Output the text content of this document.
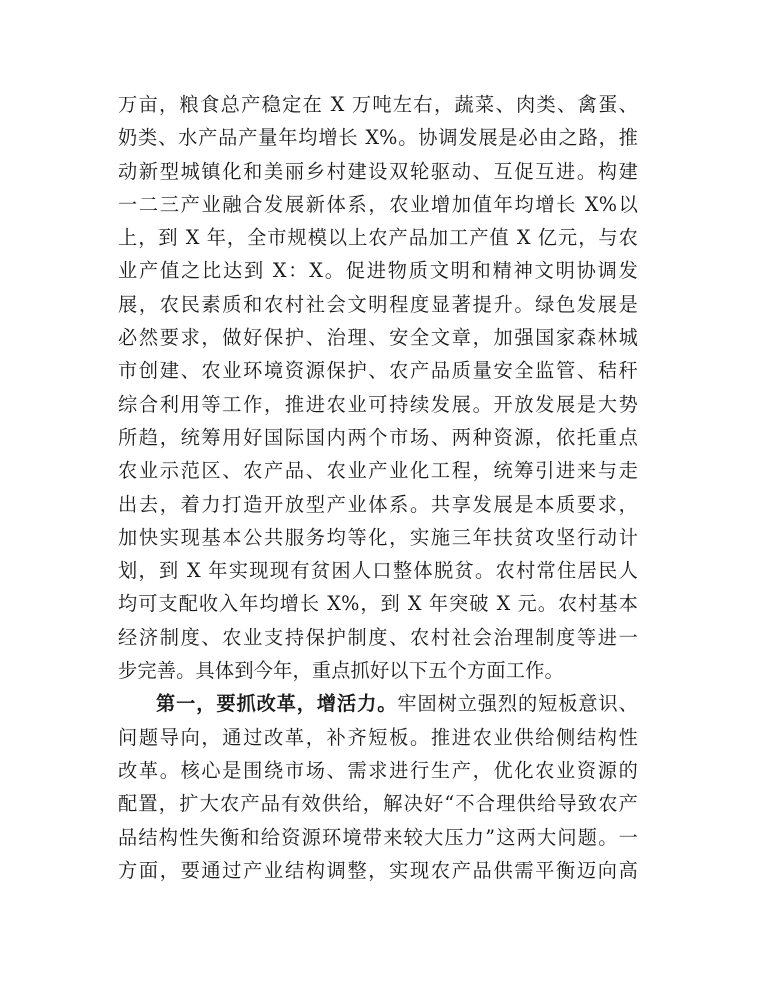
万亩，粮食总产稳定在 X 万吨左右，蔬菜、肉类、禽蛋、
奶类、水产品产量年均增长 X%。协调发展是必由之路，推
动新型城镇化和美丽乡村建设双轮驱动、互促互进。构建
一二三产业融合发展新体系，农业增加值年均增长 X%以
上，到 X 年，全市规模以上农产品加工产值 X 亿元，与农
业产值之比达到 X：X。促进物质文明和精神文明协调发
展，农民素质和农村社会文明程度显著提升。绿色发展是
必然要求，做好保护、治理、安全文章，加强国家森林城
市创建、农业环境资源保护、农产品质量安全监管、秸秆
综合利用等工作，推进农业可持续发展。开放发展是大势
所趋，统筹用好国际国内两个市场、两种资源，依托重点
农业示范区、农产品、农业产业化工程，统筹引进来与走
出去，着力打造开放型产业体系。共享发展是本质要求，
加快实现基本公共服务均等化，实施三年扶贫攻坚行动计
划，到 X 年实现现有贫困人口整体脱贫。农村常住居民人
均可支配收入年均增长 X%，到 X 年突破 X 元。农村基本
经济制度、农业支持保护制度、农村社会治理制度等进一
步完善。具体到今年，重点抓好以下五个方面工作。
第一，要抓改革，增活力。牢固树立强烈的短板意识、
问题导向，通过改革，补齐短板。推进农业供给侧结构性
改革。核心是围绕市场、需求进行生产，优化农业资源的
配置，扩大农产品有效供给，解决好“不合理供给导致农产
品结构性失衡和给资源环境带来较大压力”这两大问题。一
方面，要通过产业结构调整，实现农产品供需平衡迈向高
